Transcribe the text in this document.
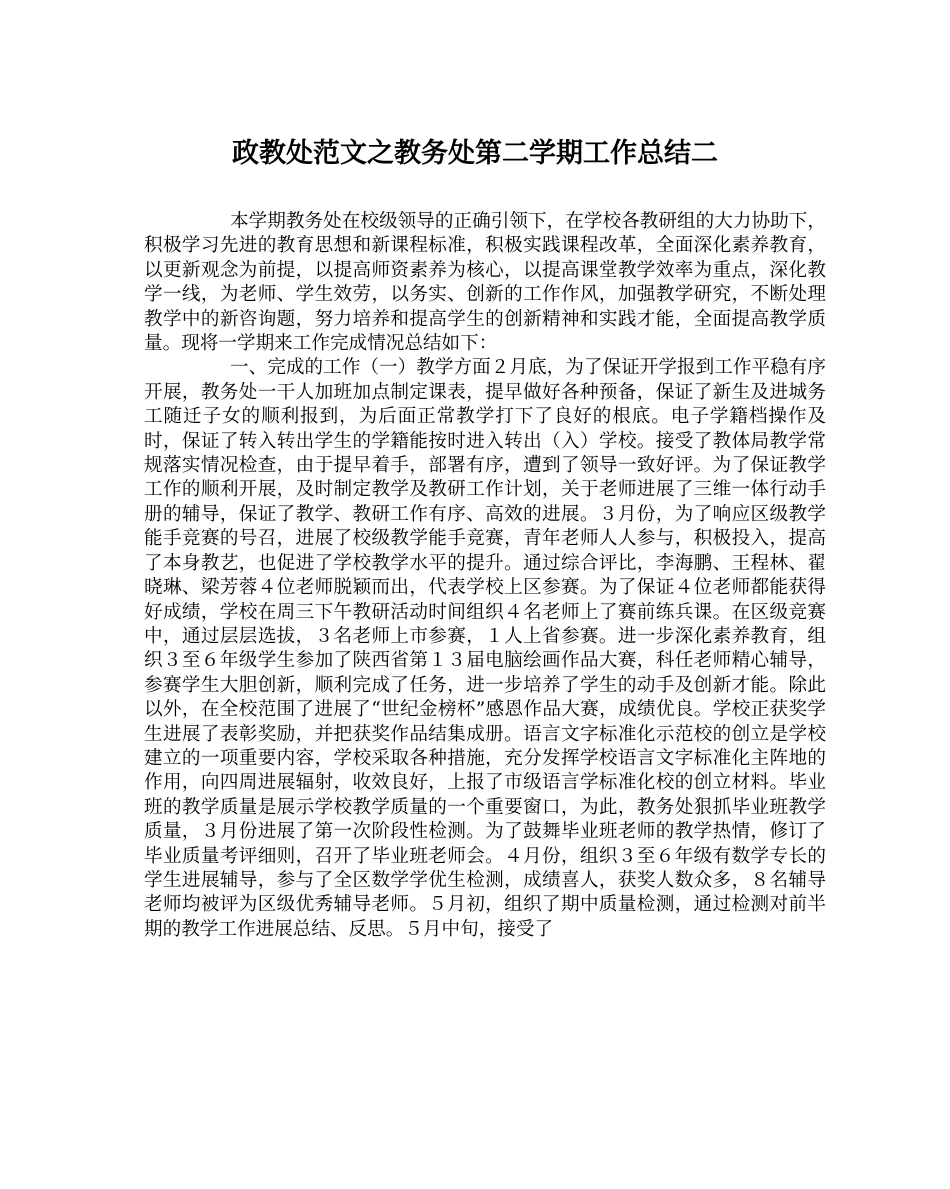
政教处范文之教务处第二学期工作总结二

本学期教务处在校级领导的正确引领下，在学校各教研组的大力协助下，积极学习先进的教育思想和新课程标准，积极实践课程改革，全面深化素养教育，以更新观念为前提，以提高师资素养为核心，以提高课堂教学效率为重点，深化教学一线，为老师、学生效劳，以务实、创新的工作作风，加强教学研究，不断处理教学中的新咨询题，努力培养和提高学生的创新精神和实践才能，全面提高教学质量。现将一学期来工作完成情况总结如下：

一、完成的工作（一）教学方面２月底，为了保证开学报到工作平稳有序开展，教务处一干人加班加点制定课表，提早做好各种预备，保证了新生及进城务工随迁子女的顺利报到，为后面正常教学打下了良好的根底。电子学籍档操作及时，保证了转入转出学生的学籍能按时进入转出（入）学校。接受了教体局教学常规落实情况检查，由于提早着手，部署有序，遭到了领导一致好评。为了保证教学工作的顺利开展，及时制定教学及教研工作计划，关于老师进展了三维一体行动手册的辅导，保证了教学、教研工作有序、高效的进展。３月份，为了响应区级教学能手竞赛的号召，进展了校级教学能手竞赛，青年老师人人参与，积极投入，提高了本身教艺，也促进了学校教学水平的提升。通过综合评比，李海鹏、王程林、翟晓琳、梁芳蓉４位老师脱颖而出，代表学校上区参赛。为了保证４位老师都能获得好成绩，学校在周三下午教研活动时间组织４名老师上了赛前练兵课。在区级竞赛中，通过层层选拔，３名老师上市参赛，１人上省参赛。进一步深化素养教育，组织３至６年级学生参加了陕西省第１３届电脑绘画作品大赛，科任老师精心辅导，参赛学生大胆创新，顺利完成了任务，进一步培养了学生的动手及创新才能。除此以外，在全校范围了进展了“世纪金榜杯”感恩作品大赛，成绩优良。学校正获奖学生进展了表彰奖励，并把获奖作品结集成册。语言文字标准化示范校的创立是学校建立的一项重要内容，学校采取各种措施，充分发挥学校语言文字标准化主阵地的作用，向四周进展辐射，收效良好，上报了市级语言学标准化校的创立材料。毕业班的教学质量是展示学校教学质量的一个重要窗口，为此，教务处狠抓毕业班教学质量，３月份进展了第一次阶段性检测。为了鼓舞毕业班老师的教学热情，修订了毕业质量考评细则，召开了毕业班老师会。４月份，组织３至６年级有数学专长的学生进展辅导，参与了全区数学学优生检测，成绩喜人，获奖人数众多，８名辅导老师均被评为区级优秀辅导老师。５月初，组织了期中质量检测，通过检测对前半期的教学工作进展总结、反思。５月中旬，接受了
